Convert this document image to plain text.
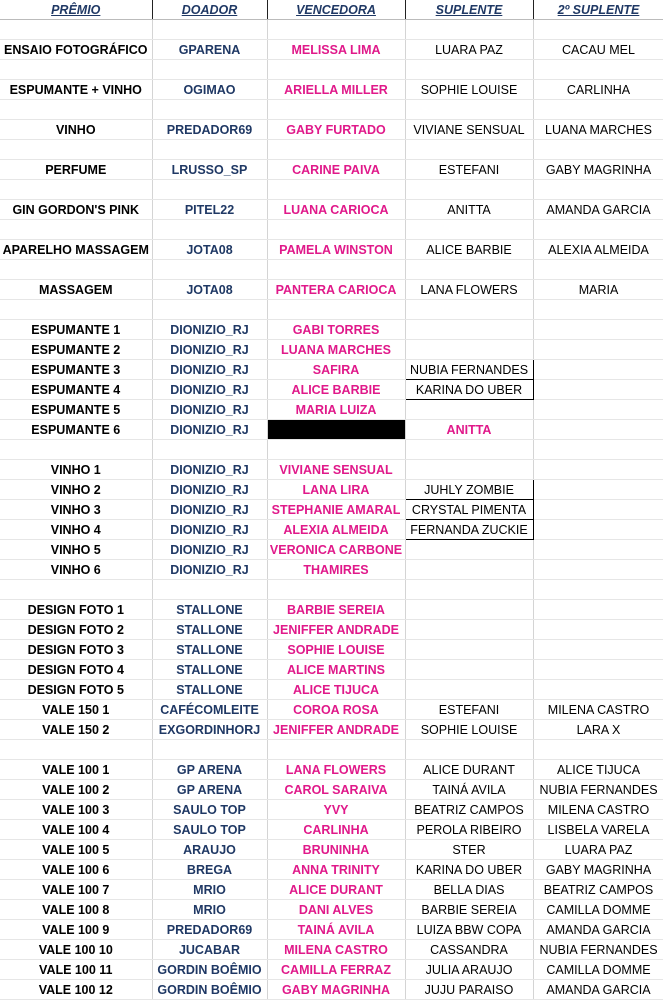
PRÊMIO	DOADOR	VENCEDORA	SUPLENTE	2º SUPLENTE

ENSAIO FOTOGRÁFICO	GPARENA	MELISSA LIMA	LUARA PAZ	CACAU MEL

ESPUMANTE + VINHO	OGIMAO	ARIELLA MILLER	SOPHIE LOUISE	CARLINHA

VINHO	PREDADOR69	GABY FURTADO	VIVIANE SENSUAL	LUANA MARCHES

PERFUME	LRUSSO_SP	CARINE PAIVA	ESTEFANI	GABY MAGRINHA

GIN GORDON'S PINK	PITEL22	LUANA CARIOCA	ANITTA	AMANDA GARCIA

APARELHO MASSAGEM	JOTA08	PAMELA WINSTON	ALICE BARBIE	ALEXIA ALMEIDA

MASSAGEM	JOTA08	PANTERA CARIOCA	LANA FLOWERS	MARIA

ESPUMANTE 1	DIONIZIO_RJ	GABI TORRES		
ESPUMANTE 2	DIONIZIO_RJ	LUANA MARCHES		
ESPUMANTE 3	DIONIZIO_RJ	SAFIRA	NUBIA FERNANDES	
ESPUMANTE 4	DIONIZIO_RJ	ALICE BARBIE	KARINA DO UBER	
ESPUMANTE 5	DIONIZIO_RJ	MARIA LUIZA		
ESPUMANTE 6	DIONIZIO_RJ		ANITTA	

VINHO 1	DIONIZIO_RJ	VIVIANE SENSUAL		
VINHO 2	DIONIZIO_RJ	LANA LIRA	JUHLY ZOMBIE	
VINHO 3	DIONIZIO_RJ	STEPHANIE AMARAL	CRYSTAL PIMENTA	
VINHO 4	DIONIZIO_RJ	ALEXIA ALMEIDA	FERNANDA ZUCKIE	
VINHO 5	DIONIZIO_RJ	VERONICA CARBONE		
VINHO 6	DIONIZIO_RJ	THAMIRES		

DESIGN FOTO 1	STALLONE	BARBIE SEREIA		
DESIGN FOTO 2	STALLONE	JENIFFER ANDRADE		
DESIGN FOTO 3	STALLONE	SOPHIE LOUISE		
DESIGN FOTO 4	STALLONE	ALICE MARTINS		
DESIGN FOTO 5	STALLONE	ALICE TIJUCA		
VALE 150 1	CAFÉCOMLEITE	COROA ROSA	ESTEFANI	MILENA CASTRO
VALE 150 2	EXGORDINHORJ	JENIFFER ANDRADE	SOPHIE LOUISE	LARA X

VALE 100 1	GP ARENA	LANA FLOWERS	ALICE DURANT	ALICE TIJUCA
VALE 100 2	GP ARENA	CAROL SARAIVA	TAINÁ AVILA	NUBIA FERNANDES
VALE 100 3	SAULO TOP	YVY	BEATRIZ CAMPOS	MILENA CASTRO
VALE 100 4	SAULO TOP	CARLINHA	PEROLA RIBEIRO	LISBELA VARELA
VALE 100 5	ARAUJO	BRUNINHA	STER	LUARA PAZ
VALE 100 6	BREGA	ANNA TRINITY	KARINA DO UBER	GABY MAGRINHA
VALE 100 7	MRIO	ALICE DURANT	BELLA DIAS	BEATRIZ CAMPOS
VALE 100 8	MRIO	DANI ALVES	BARBIE SEREIA	CAMILLA DOMME
VALE 100 9	PREDADOR69	TAINÁ AVILA	LUIZA BBW COPA	AMANDA GARCIA
VALE 100 10	JUCABAR	MILENA CASTRO	CASSANDRA	NUBIA FERNANDES
VALE 100 11	GORDIN BOÊMIO	CAMILLA FERRAZ	JULIA ARAUJO	CAMILLA DOMME
VALE 100 12	GORDIN BOÊMIO	GABY MAGRINHA	JUJU PARAISO	AMANDA GARCIA
